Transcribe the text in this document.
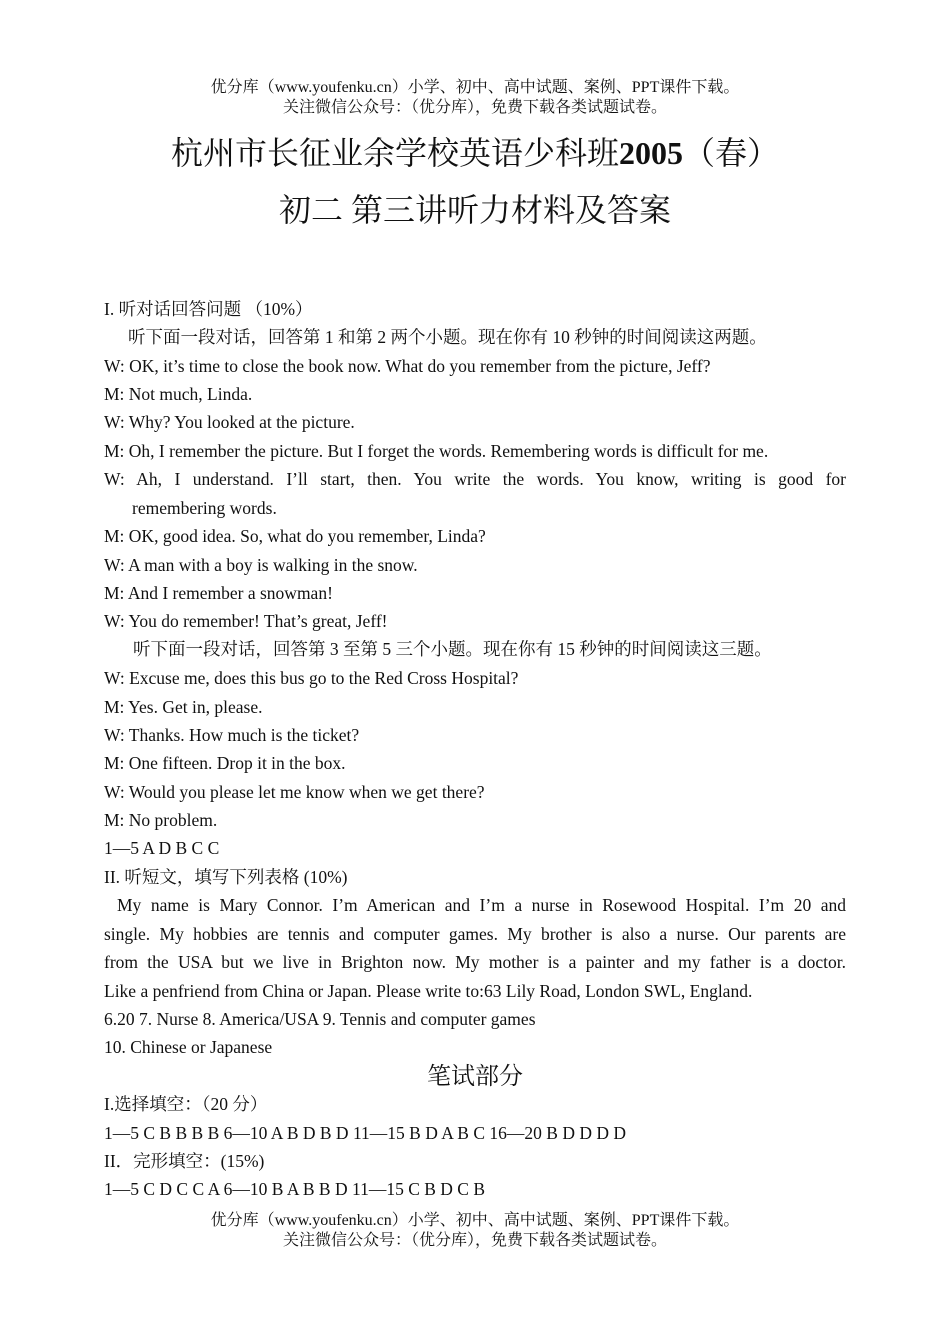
优分库（www.youfenku.cn）小学、初中、高中试题、案例、PPT课件下载。
关注微信公众号：（优分库），免费下载各类试题试卷。
杭州市长征业余学校英语少科班2005（春）
初二 第三讲听力材料及答案
I. 听对话回答问题 （10%）
听下面一段对话，回答第 1 和第 2 两个小题。现在你有 10 秒钟的时间阅读这两题。
W: OK, it’s time to close the book now. What do you remember from the picture, Jeff?
M: Not much, Linda.
W: Why? You looked at the picture.
M: Oh, I remember the picture. But I forget the words. Remembering words is difficult for me.
W: Ah, I understand. I’ll start, then. You write the words. You know, writing is good for
remembering words.
M: OK, good idea. So, what do you remember, Linda?
W: A man with a boy is walking in the snow.
M: And I remember a snowman!
W: You do remember! That’s great, Jeff!
听下面一段对话，回答第 3 至第 5 三个小题。现在你有 15 秒钟的时间阅读这三题。
W: Excuse me, does this bus go to the Red Cross Hospital?
M: Yes. Get in, please.
W: Thanks. How much is the ticket?
M: One fifteen. Drop it in the box.
W: Would you please let me know when we get there?
M: No problem.
1—5 A D B C C
II. 听短文，填写下列表格 (10%)
My name is Mary Connor. I’m American and I’m a nurse in Rosewood Hospital. I’m 20 and
single. My hobbies are tennis and computer games. My brother is also a nurse. Our parents are
from the USA but we live in Brighton now. My mother is a painter and my father is a doctor.
Like a penfriend from China or Japan. Please write to:63 Lily Road, London SWL, England.
6.20 7. Nurse 8. America/USA 9. Tennis and computer games
10. Chinese or Japanese
笔试部分
I.选择填空：（20 分）
1—5 C B B B B 6—10 A B D B D 11—15 B D A B C 16—20 B D D D D
II．完形填空：(15%)
1—5 C D C C A 6—10 B A B B D 11—15 C B D C B
优分库（www.youfenku.cn）小学、初中、高中试题、案例、PPT课件下载。
关注微信公众号：（优分库），免费下载各类试题试卷。
